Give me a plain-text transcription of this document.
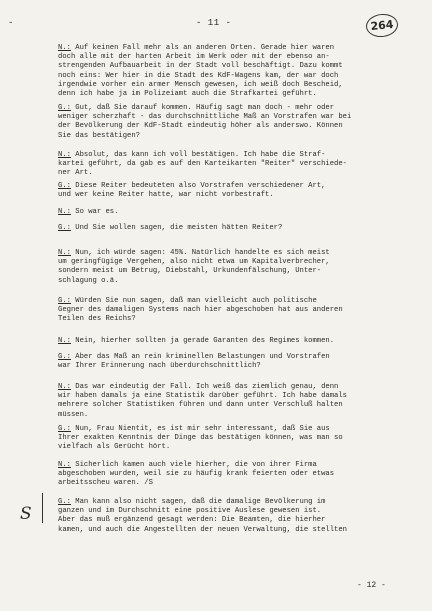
-	- 11 -	264
N.: Auf keinen Fall mehr als an anderen Orten. Gerade hier waren
doch alle mit der harten Arbeit im Werk oder mit der ebenso an-
strengenden Aufbauarbeit in der Stadt voll beschäftigt. Dazu kommt
noch eins: Wer hier in die Stadt des KdF-Wagens kam, der war doch
irgendwie vorher ein armer Mensch gewesen, ich weiß doch Bescheid,
denn ich habe ja im Polizeiamt auch die Strafkartei geführt.
G.: Gut, daß Sie darauf kommen. Häufig sagt man doch - mehr oder
weniger scherzhaft - das durchschnittliche Maß an Vorstrafen war bei
der Bevölkerung der KdF-Stadt eindeutig höher als anderswo. Können
Sie das bestätigen?
N.: Absolut, das kann ich voll bestätigen. Ich habe die Straf-
kartei geführt, da gab es auf den Karteikarten "Reiter" verschiede-
ner Art.
G.: Diese Reiter bedeuteten also Vorstrafen verschiedener Art,
und wer keine Reiter hatte, war nicht vorbestraft.
N.: So war es.
G.: Und Sie wollen sagen, die meisten hätten Reiter?
N.: Nun, ich würde sagen: 45%. Natürlich handelte es sich meist
um geringfügige Vergehen, also nicht etwa um Kapitalverbrecher,
sondern meist um Betrug, Diebstahl, Urkundenfälschung, Unter-
schlagung o.ä.
G.: Würden Sie nun sagen, daß man vielleicht auch politische
Gegner des damaligen Systems nach hier abgeschoben hat aus anderen
Teilen des Reichs?
N.: Nein, hierher sollten ja gerade Garanten des Regimes kommen.
G.: Aber das Maß an rein kriminellen Belastungen und Vorstrafen
war Ihrer Erinnerung nach überdurchschnittlich?
N.: Das war eindeutig der Fall. Ich weiß das ziemlich genau, denn
wir haben damals ja eine Statistik darüber geführt. Ich habe damals
mehrere solcher Statistiken führen und dann unter Verschluß halten
müssen.
G.: Nun, Frau Nientit, es ist mir sehr interessant, daß Sie aus
Ihrer exakten Kenntnis der Dinge das bestätigen können, was man so
vielfach als Gerücht hört.
N.: Sicherlich kamen auch viele hierher, die von ihrer Firma
abgeschoben wurden, weil sie zu häufig krank feierten oder etwas
arbeitsscheu waren. /S
G.: Man kann also nicht sagen, daß die damalige Bevölkerung im
ganzen und im Durchschnitt eine positive Auslese gewesen ist.
Aber das muß ergänzend gesagt werden: Die Beamten, die hierher
kamen, und auch die Angestellten der neuen Verwaltung, die stellten
S
- 12 -
